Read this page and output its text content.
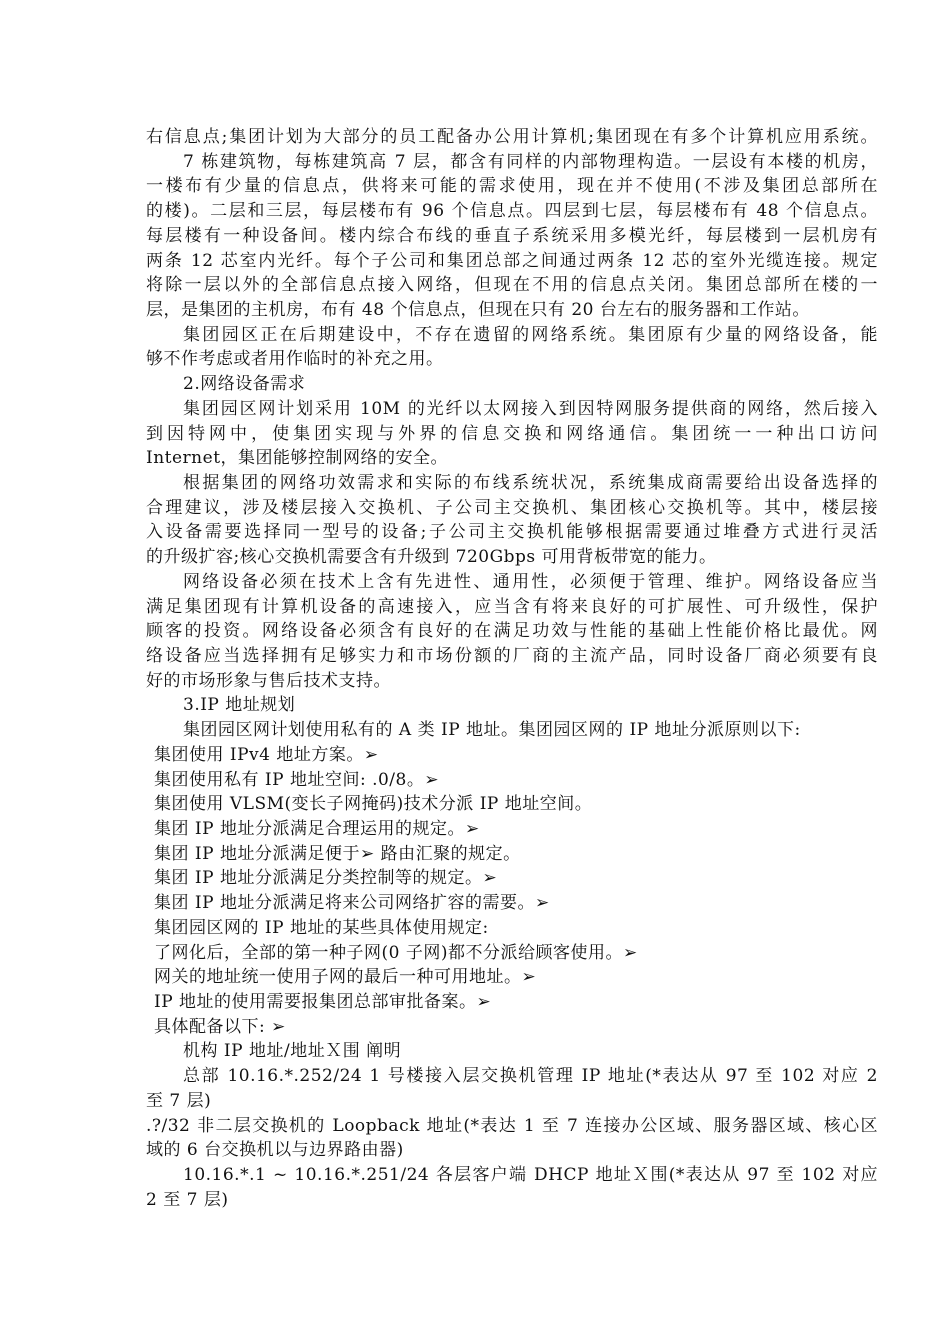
右信息点;集团计划为大部分的员工配备办公用计算机;集团现在有多个计算机应用系统。
7 栋建筑物，每栋建筑高 7 层，都含有同样的内部物理构造。一层设有本楼的机房，
一楼布有少量的信息点，供将来可能的需求使用，现在并不使用(不涉及集团总部所在
的楼)。二层和三层，每层楼布有 96 个信息点。四层到七层，每层楼布有 48 个信息点。
每层楼有一种设备间。楼内综合布线的垂直子系统采用多模光纤，每层楼到一层机房有
两条 12 芯室内光纤。每个子公司和集团总部之间通过两条 12 芯的室外光缆连接。规定
将除一层以外的全部信息点接入网络，但现在不用的信息点关闭。集团总部所在楼的一
层，是集团的主机房，布有 48 个信息点，但现在只有 20 台左右的服务器和工作站。
集团园区正在后期建设中，不存在遗留的网络系统。集团原有少量的网络设备，能
够不作考虑或者用作临时的补充之用。
2.网络设备需求
集团园区网计划采用 10M 的光纤以太网接入到因特网服务提供商的网络，然后接入
到因特网中，使集团实现与外界的信息交换和网络通信。集团统一一种出口访问
Internet，集团能够控制网络的安全。
根据集团的网络功效需求和实际的布线系统状况，系统集成商需要给出设备选择的
合理建议，涉及楼层接入交换机、子公司主交换机、集团核心交换机等。其中，楼层接
入设备需要选择同一型号的设备;子公司主交换机能够根据需要通过堆叠方式进行灵活
的升级扩容;核心交换机需要含有升级到 720Gbps 可用背板带宽的能力。
网络设备必须在技术上含有先进性、通用性，必须便于管理、维护。网络设备应当
满足集团现有计算机设备的高速接入，应当含有将来良好的可扩展性、可升级性，保护
顾客的投资。网络设备必须含有良好的在满足功效与性能的基础上性能价格比最优。网
络设备应当选择拥有足够实力和市场份额的厂商的主流产品，同时设备厂商必须要有良
好的市场形象与售后技术支持。
3.IP 地址规划
集团园区网计划使用私有的 A 类 IP 地址。集团园区网的 IP 地址分派原则以下:
集团使用 IPv4 地址方案。➢
集团使用私有 IP 地址空间: .0/8。➢
集团使用 VLSM(变长子网掩码)技术分派 IP 地址空间。
集团 IP 地址分派满足合理运用的规定。➢
集团 IP 地址分派满足便于➢ 路由汇聚的规定。
集团 IP 地址分派满足分类控制等的规定。➢
集团 IP 地址分派满足将来公司网络扩容的需要。➢
集团园区网的 IP 地址的某些具体使用规定:
了网化后，全部的第一种子网(0 子网)都不分派给顾客使用。➢
网关的地址统一使用子网的最后一种可用地址。➢
IP 地址的使用需要报集团总部审批备案。➢
具体配备以下: ➢
机构 IP 地址/地址Ｘ围 阐明
总部 10.16.*.252/24 1 号楼接入层交换机管理 IP 地址(*表达从 97 至 102 对应 2
至 7 层)
.?/32 非二层交换机的 Loopback 地址(*表达 1 至 7 连接办公区域、服务器区域、核心区
域的 6 台交换机以与边界路由器)
10.16.*.1 ~ 10.16.*.251/24 各层客户端 DHCP 地址Ｘ围(*表达从 97 至 102 对应
2 至 7 层)
